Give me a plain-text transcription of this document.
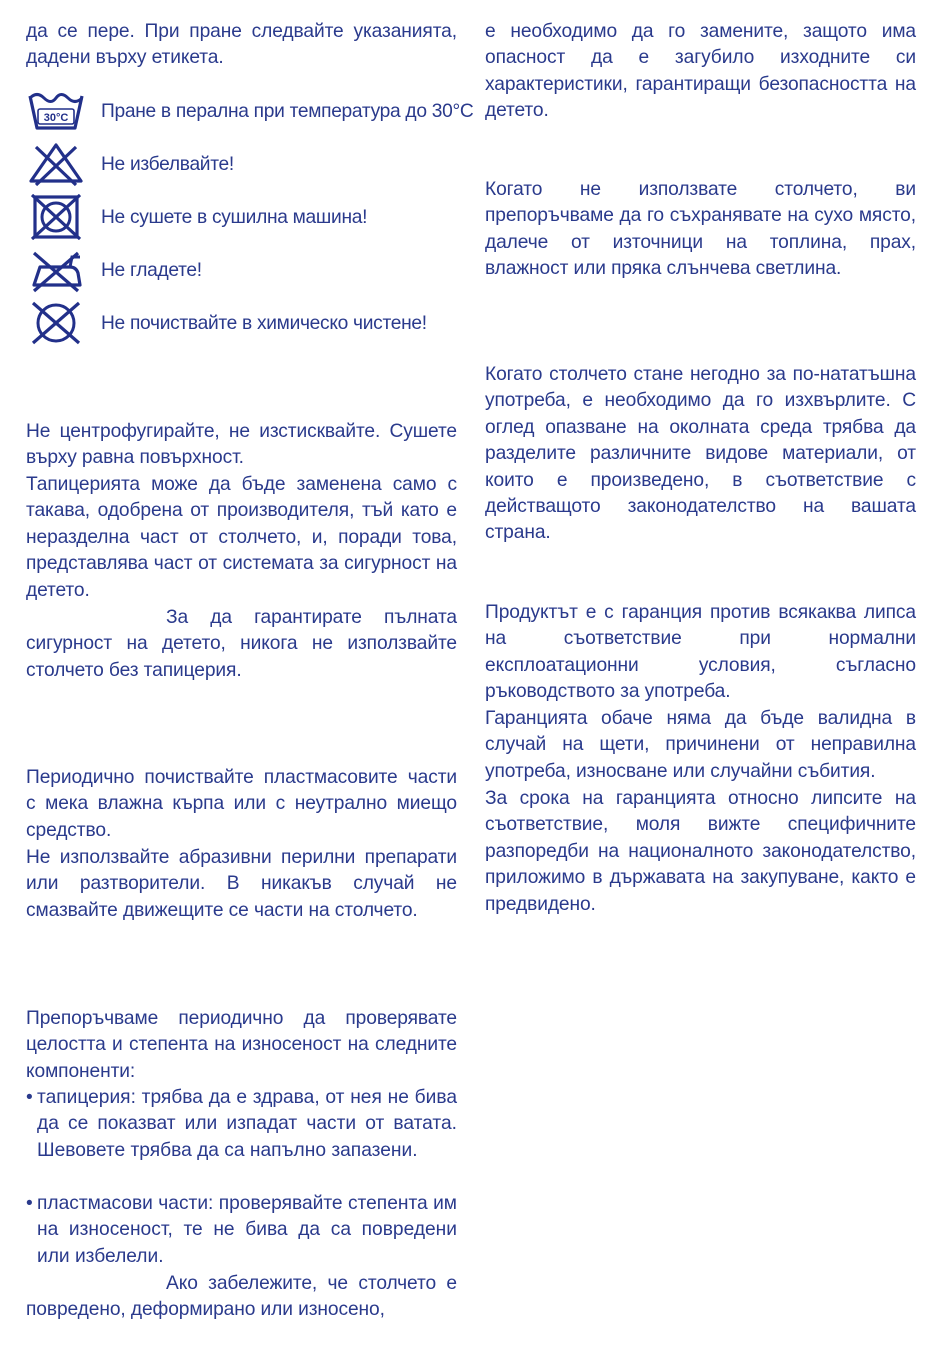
да се пере. При пране следвайте указанията, дадени върху етикета.

30°C Пране в перална при температура до 30°С
Не избелвайте!
Не сушете в сушилна машина!
Не гладете!
Не почиствайте в химическо чистене!

Не центрофугирайте, не изстисквайте. Сушете върху равна повърхност.

Тапицерията може да бъде заменена само с такава, одобрена от производителя, тъй като е неразделна част от столчето, и, поради това, представлява част от системата за сигурност на детето.

За да гарантирате пълната сигурност на детето, никога не използвайте столчето без тапицерия.

Периодично почиствайте пластмасовите части с мека влажна кърпа или с неутрално миещо средство.

Не използвайте абразивни перилни препарати или разтворители. В никакъв случай не смазвайте движещите се части на столчето.

Препоръчваме периодично да проверявате целостта и степента на износеност на следните компоненти:

• тапицерия: трябва да е здрава, от нея не бива да се показват или изпадат части от ватата. Шевовете трябва да са напълно запазени.

• пластмасови части: проверявайте степента им на износеност, те не бива да са повредени или избелели.

Ако забележите, че столчето е повредено, деформирано или износено,

е необходимо да го замените, защото има опасност да е загубило изходните си характеристики, гарантиращи безопасността на детето.

Когато не използвате столчето, ви препоръчваме да го съхранявате на сухо място, далече от източници на топлина, прах, влажност или пряка слънчева светлина.

Когато столчето стане негодно за по-нататъшна употреба, е необходимо да го изхвърлите. С оглед опазване на околната среда трябва да разделите различните видове материали, от които е произведено, в съответствие с действащото законодателство на вашата страна.

Продуктът е с гаранция против всякаква липса на съответствие при нормални експлоатационни условия, съгласно ръководството за употреба.

Гаранцията обаче няма да бъде валидна в случай на щети, причинени от неправилна употреба, износване или случайни събития.

За срока на гаранцията относно липсите на съответствие, моля вижте специфичните разпоредби на националното законодателство, приложимо в държавата на закупуване, както е предвидено.
